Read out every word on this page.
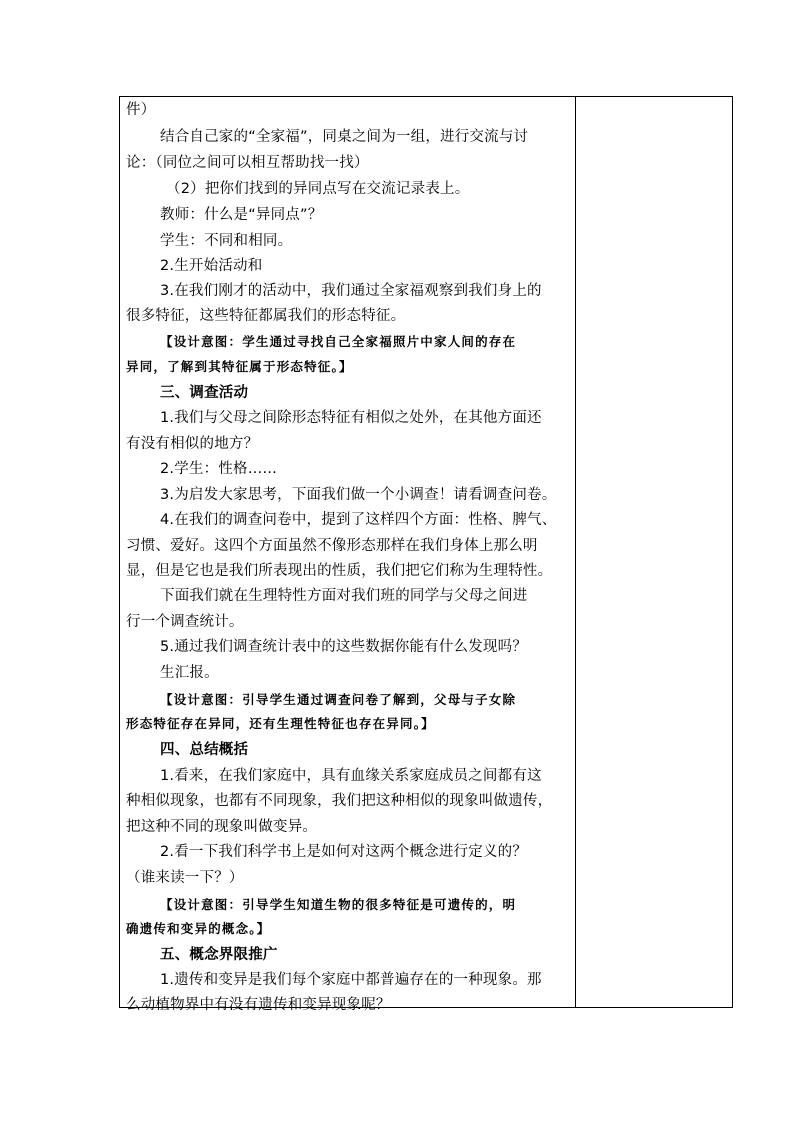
件）
结合自己家的“全家福”，同桌之间为一组，进行交流与讨
论：（同位之间可以相互帮助找一找）
（2）把你们找到的异同点写在交流记录表上。
教师：什么是“异同点”？
学生：不同和相同。
2.生开始活动和
3.在我们刚才的活动中，我们通过全家福观察到我们身上的
很多特征，这些特征都属我们的形态特征。
【设计意图：学生通过寻找自己全家福照片中家人间的存在
异同，了解到其特征属于形态特征。】
三、调查活动
1.我们与父母之间除形态特征有相似之处外，在其他方面还
有没有相似的地方？
2.学生：性格……
3.为启发大家思考，下面我们做一个小调查！请看调查问卷。
4.在我们的调查问卷中，提到了这样四个方面：性格、脾气、
习惯、爱好。这四个方面虽然不像形态那样在我们身体上那么明
显，但是它也是我们所表现出的性质，我们把它们称为生理特性。
下面我们就在生理特性方面对我们班的同学与父母之间进
行一个调查统计。
5.通过我们调查统计表中的这些数据你能有什么发现吗？
生汇报。
【设计意图：引导学生通过调查问卷了解到，父母与子女除
形态特征存在异同，还有生理性特征也存在异同。】
四、总结概括
1.看来，在我们家庭中，具有血缘关系家庭成员之间都有这
种相似现象，也都有不同现象，我们把这种相似的现象叫做遗传，
把这种不同的现象叫做变异。
2.看一下我们科学书上是如何对这两个概念进行定义的？
（谁来读一下？）
【设计意图：引导学生知道生物的很多特征是可遗传的，明
确遗传和变异的概念。】
五、概念界限推广
1.遗传和变异是我们每个家庭中都普遍存在的一种现象。那
么动植物界中有没有遗传和变异现象呢？
